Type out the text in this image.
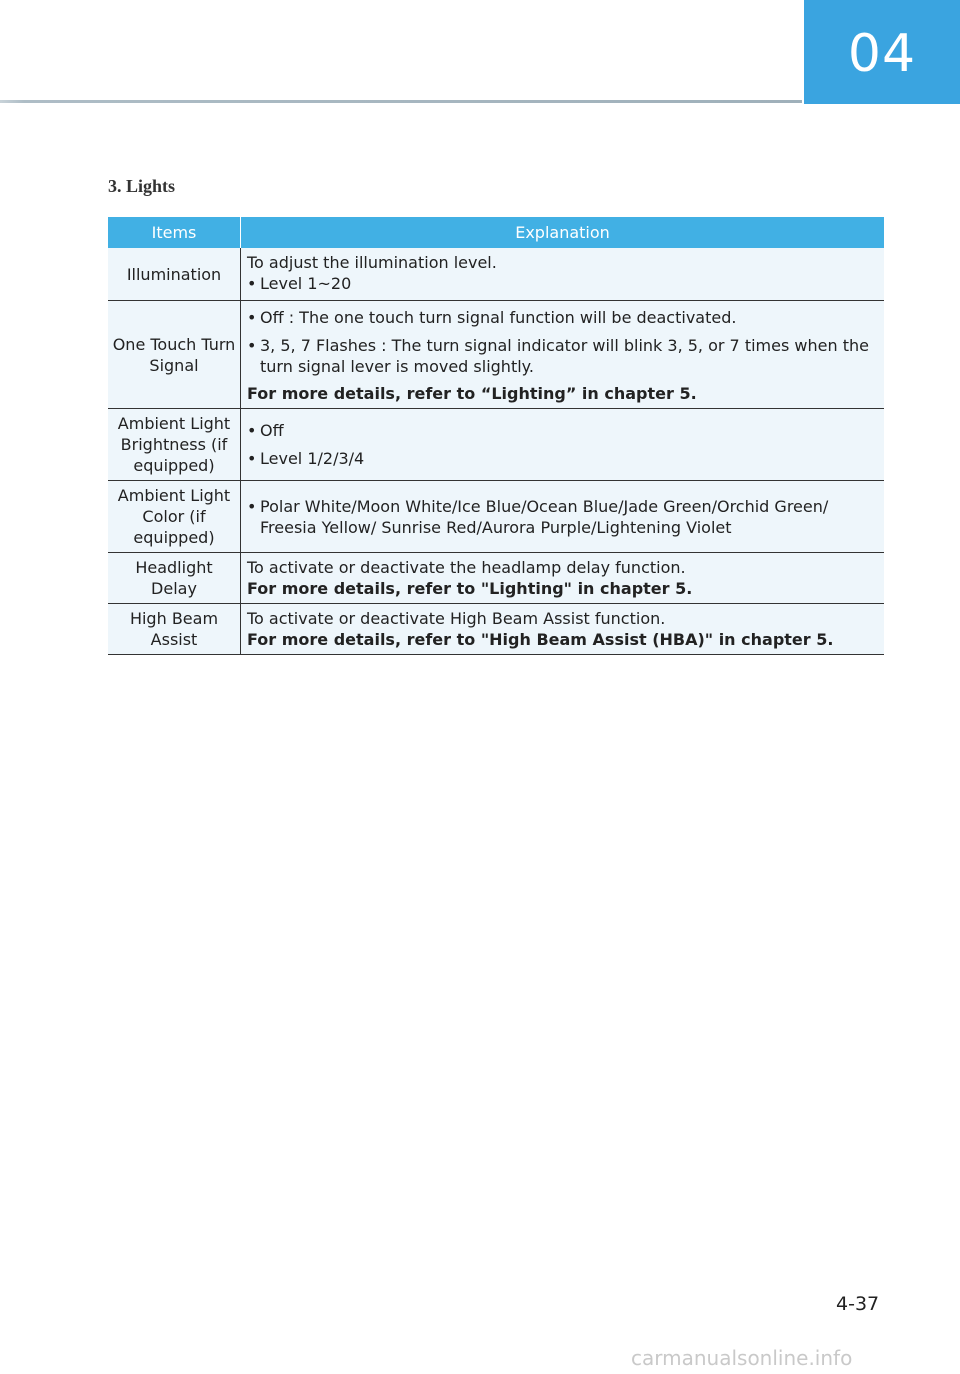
04
3. Lights
Items	Explanation
Illumination	To adjust the illumination level.
• Level 1~20

One Touch Turn Signal	• Off : The one touch turn signal function will be deactivated.
• 3, 5, 7 Flashes : The turn signal indicator will blink 3, 5, or 7 times when the turn signal lever is moved slightly.
For more details, refer to “Lighting” in chapter 5.

Ambient Light Brightness (if equipped)	• Off
• Level 1/2/3/4

Ambient Light Color (if equipped)	• Polar White/Moon White/Ice Blue/Ocean Blue/Jade Green/Orchid Green/ Freesia Yellow/ Sunrise Red/Aurora Purple/Lightening Violet

Headlight Delay	To activate or deactivate the headlamp delay function.
For more details, refer to "Lighting" in chapter 5.

High Beam Assist	To activate or deactivate High Beam Assist function.
For more details, refer to "High Beam Assist (HBA)" in chapter 5.
4-37
carmanualsonline.info
